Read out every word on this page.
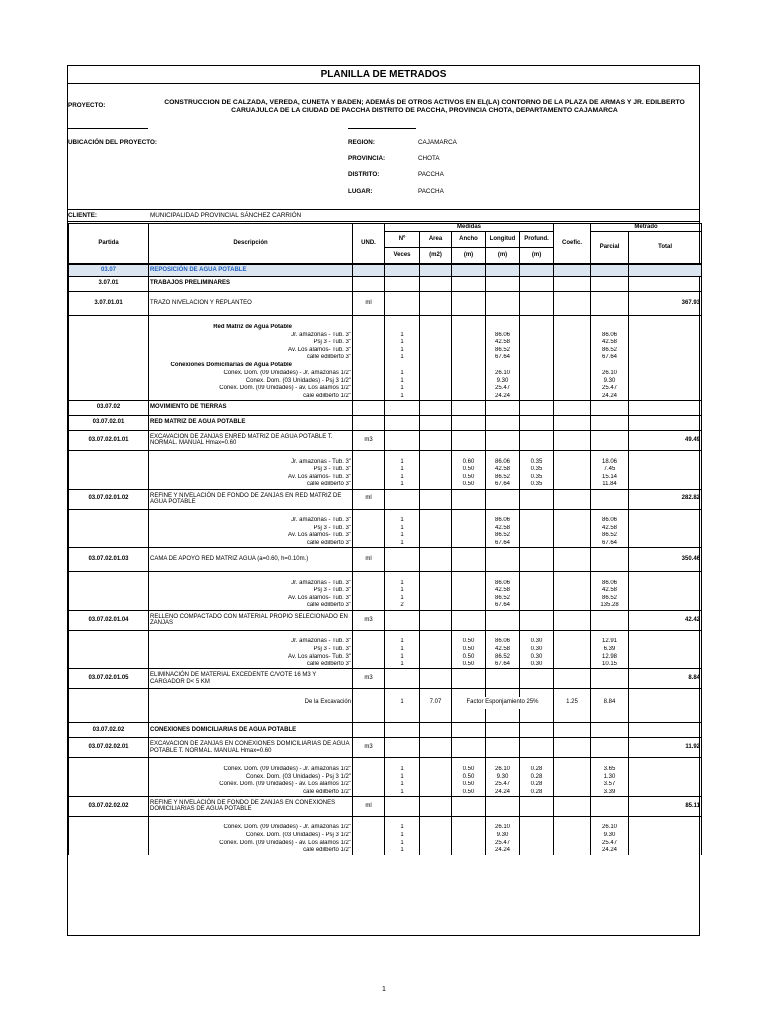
PLANILLA DE METRADOS
PROYECTO:	CONSTRUCCION DE CALZADA, VEREDA, CUNETA Y BADEN; ADEMÁS DE OTROS ACTIVOS EN EL(LA) CONTORNO DE LA PLAZA DE ARMAS Y JR. EDILBERTO CARUAJULCA DE LA CIUDAD DE PACCHA DISTRITO DE PACCHA, PROVINCIA CHOTA, DEPARTAMENTO CAJAMARCA
UBICACIÓN DEL PROYECTO:	REGION:	CAJAMARCA
PROVINCIA:	CHOTA
DISTRITO:	PACCHA
LUGAR:	PACCHA
CLIENTE:	MUNICIPALIDAD PROVINCIAL SÁNCHEZ CARRIÓN
Partida	Descripción	UND.	Medidas					Coefic.	Metrado	
			Nº	Area	Ancho	Longitud	Profund.		Parcial	Total
			Veces	(m2)	(m)	(m)	(m)			
03.07	REPOSICIÓN DE AGUA POTABLE									
3.07.01	TRABAJOS PRELIMINARES									
3.07.01.01	TRAZO NIVELACION Y REPLANTEO	ml								367.93

	Red Matriz de Agua Potable									
	Jr. amazonas - Tub. 3"		1			86.06			86.06	
	Psj 3 - Tub. 3"		1			42.58			42.58	
	Av. Los alamos- Tub. 3"		1			86.52			86.52	
	calle edilberto 3"		1			67.64			67.64	
	Conexiones Domiciliarias de Agua Potable									
	Conex. Dom. (09 Unidades) - Jr. amazonas 1/2"		1			26.10			26.10	
	Conex. Dom. (03 Unidades) - Psj 3 1/2"		1			9.30			9.30	
	Conex. Dom. (09 Unidades) - av. Los alamos 1/2"		1			25.47			25.47	
	cale edilberto 1/2"		1			24.24			24.24	
03.07.02	MOVIMIENTO DE TIERRAS									
03.07.02.01	RED MATRIZ DE AGUA POTABLE									
03.07.02.01.01	EXCAVACION DE ZANJAS ENRED MATRIZ DE AGUA POTABLE T. NORMAL. MANUAL Hmax=0.60	m3								49.49

	Jr. amazonas - Tub. 3"		1		0.60	86.06	0.35		18.06	
	Psj 3 - Tub. 3"		1		0.50	42.58	0.35		7.45	
	Av. Los alamos- Tub. 3"		1		0.50	86.52	0.35		15.14	
	calle edilberto 3"		1		0.50	67.64	0.35		11.84	
03.07.02.01.02	REFINE Y NIVELACIÓN DE FONDO DE ZANJAS EN RED MATRIZ DE AGUA POTABLE	ml								282.82

	Jr. amazonas - Tub. 3"		1			86.06			86.06	
	Psj 3 - Tub. 3"		1			42.58			42.58	
	Av. Los alamos- Tub. 3"		1			86.52			86.52	
	calle edilberto 3"		1			67.64			67.64	
03.07.02.01.03	CAMA DE APOYO RED MATRIZ AGUA (a=0.60, h=0.10m.)	ml								350.46

	Jr. amazonas - Tub. 3"		1			86.06			86.06	
	Psj 3 - Tub. 3"		1			42.58			42.58	
	Av. Los alamos- Tub. 3"		1			86.52			86.52	
	calle edilberto 3"		2			67.64			135.28	
03.07.02.01.04	RELLENO COMPACTADO CON MATERIAL PROPIO SELECIONADO EN ZANJAS	m3								42.42

	Jr. amazonas - Tub. 3"		1		0.50	86.06	0.30		12.91	
	Psj 3 - Tub. 3"		1		0.50	42.58	0.30		6.39	
	Av. Los alamos- Tub. 3"		1		0.50	86.52	0.30		12.98	
	calle edilberto 3"		1		0.50	67.64	0.30		10.15	
03.07.02.01.05	ELIMINACIÓN DE MATERIAL EXCEDENTE C/VOTE 16 M3 Y CARGADOR D< 5 KM	m3								8.84

	De la Excavación		1	7.07	Factor Esponjamiento 25%			1.25	8.84	

03.07.02.02	CONEXIONES DOMICILIARIAS DE AGUA POTABLE									
03.07.02.02.01	EXCAVACION DE ZANJAS EN CONEXIONES DOMICILIARIAS DE AGUA POTABLE T. NORMAL. MANUAL Hmax=0.60	m3								11.92

	Conex. Dom. (09 Unidades) - Jr. amazonas 1/2"		1		0.50	26.10	0.28		3.65	
	Conex. Dom. (03 Unidades) - Psj 3 1/2"		1		0.50	9.30	0.28		1.30	
	Conex. Dom. (09 Unidades) - av. Los alamos 1/2"		1		0.50	25.47	0.28		3.57	
	cale edilberto 1/2"		1		0.50	24.24	0.28		3.39	
03.07.02.02.02	REFINE Y NIVELACIÓN DE FONDO DE ZANJAS EN CONEXIONES DOMICILIARIAS DE AGUA POTABLE	ml								85.11

	Conex. Dom. (09 Unidades) - Jr. amazonas 1/2"		1			26.10			26.10	
	Conex. Dom. (03 Unidades) - Psj 3 1/2"		1			9.30			9.30	
	Conex. Dom. (09 Unidades) - av. Los alamos 1/2"		1			25.47			25.47	
	cale edilberto 1/2"		1			24.24			24.24	
1
